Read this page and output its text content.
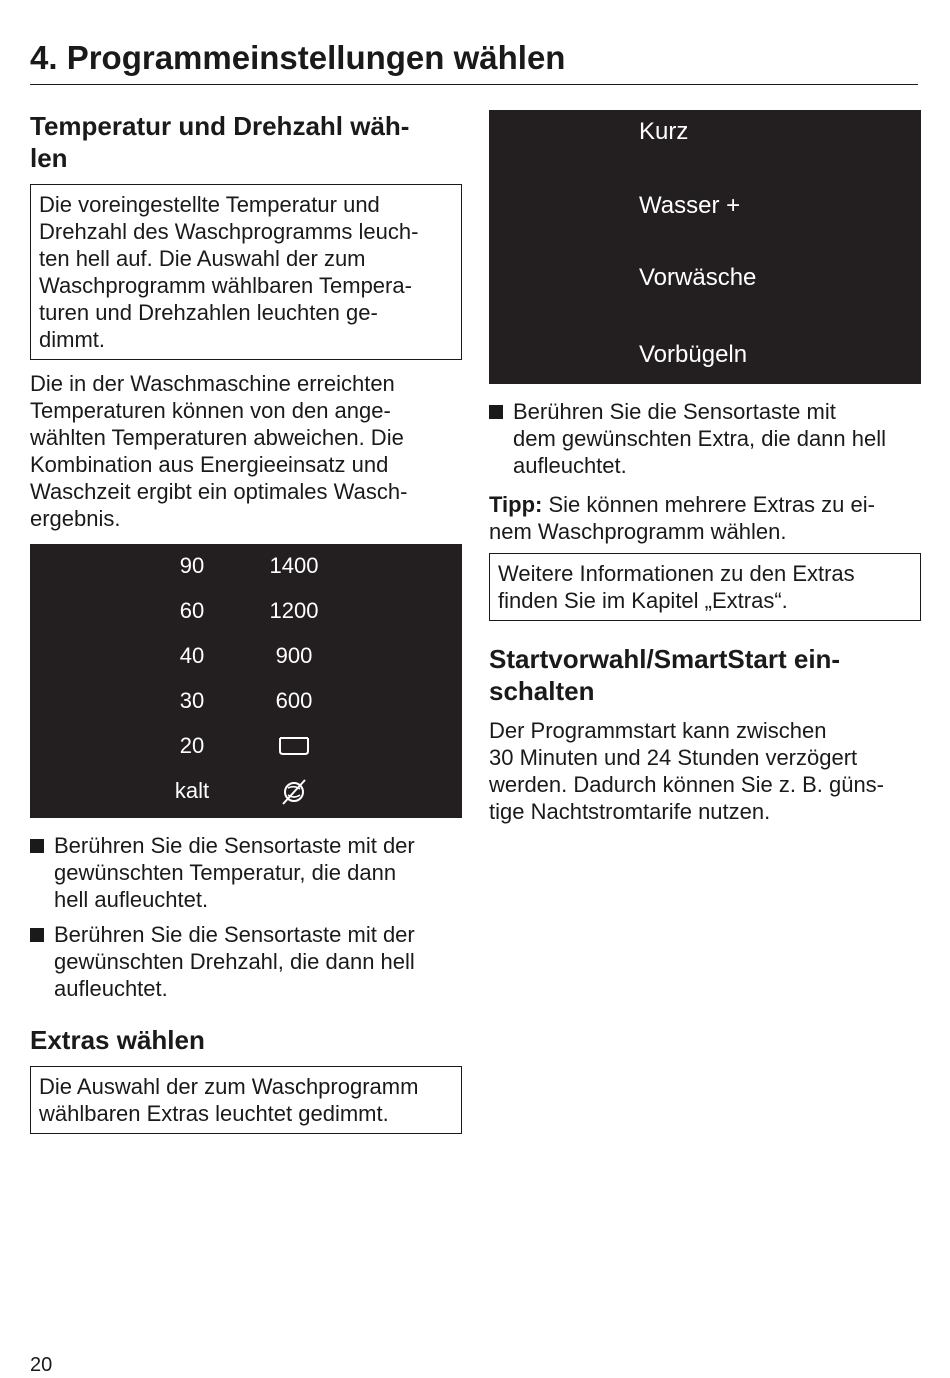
4. Programmeinstellungen wählen
Temperatur und Drehzahl wäh-
len
Die voreingestellte Temperatur und
Drehzahl des Waschprogramms leuch-
ten hell auf. Die Auswahl der zum
Waschprogramm wählbaren Tempera-
turen und Drehzahlen leuchten ge-
dimmt.

Die in der Waschmaschine erreichten

Temperaturen können von den ange-

wählten Temperaturen abweichen. Die

Kombination aus Energieeinsatz und

Waschzeit ergibt ein optimales Wasch-

ergebnis.

90	1400
60	1200
40	900
30	600
20
kalt
Berühren Sie die Sensortaste mit der
gewünschten Temperatur, die dann
hell aufleuchtet.
Berühren Sie die Sensortaste mit der
gewünschten Drehzahl, die dann hell
aufleuchtet.
Extras wählen
Die Auswahl der zum Waschprogramm
wählbaren Extras leuchtet gedimmt.
Kurz
Wasser +
Vorwäsche
Vorbügeln
Berühren Sie die Sensortaste mit
dem gewünschten Extra, die dann hell
aufleuchtet.

Tipp: Sie können mehrere Extras zu ei-

nem Waschprogramm wählen.

Weitere Informationen zu den Extras
finden Sie im Kapitel „Extras“.
Startvorwahl/SmartStart ein-
schalten

Der Programmstart kann zwischen

30 Minuten und 24 Stunden verzögert

werden. Dadurch können Sie z. B. güns-

tige Nachtstromtarife nutzen.

20
